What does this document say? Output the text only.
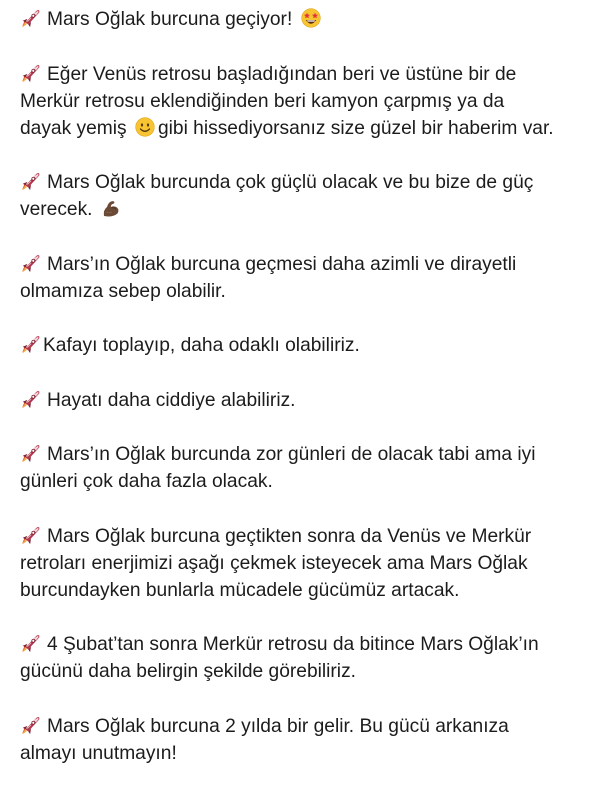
Mars Oğlak burcuna geçiyor!
Eğer Venüs retrosu başladığından beri ve üstüne bir de
Merkür retrosu eklendiğinden beri kamyon çarpmış ya da
dayak yemiş gibi hissediyorsanız size güzel bir haberim var.
Mars Oğlak burcunda çok güçlü olacak ve bu bize de güç
verecek.
Mars’ın Oğlak burcuna geçmesi daha azimli ve dirayetli
olmamıza sebep olabilir.
Kafayı toplayıp, daha odaklı olabiliriz.
Hayatı daha ciddiye alabiliriz.
Mars’ın Oğlak burcunda zor günleri de olacak tabi ama iyi
günleri çok daha fazla olacak.
Mars Oğlak burcuna geçtikten sonra da Venüs ve Merkür
retroları enerjimizi aşağı çekmek isteyecek ama Mars Oğlak
burcundayken bunlarla mücadele gücümüz artacak.
4 Şubat’tan sonra Merkür retrosu da bitince Mars Oğlak’ın
gücünü daha belirgin şekilde görebiliriz.
Mars Oğlak burcuna 2 yılda bir gelir. Bu gücü arkanıza
almayı unutmayın!
